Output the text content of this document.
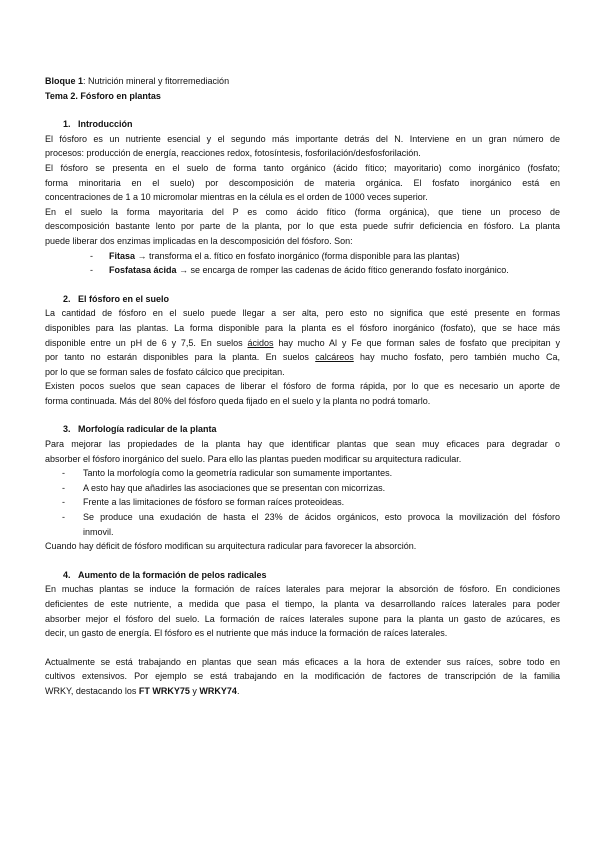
Bloque 1: Nutrición mineral y fitorremediación
Tema 2. Fósforo en plantas
1. Introducción
El fósforo es un nutriente esencial y el segundo más importante detrás del N. Interviene en un gran número de
procesos: producción de energía, reacciones redox, fotosíntesis, fosforilación/desfosforilación.
El fósforo se presenta en el suelo de forma tanto orgánico (ácido fítico; mayoritario) como inorgánico (fosfato;
forma minoritaria en el suelo) por descomposición de materia orgánica. El fosfato inorgánico está en
concentraciones de 1 a 10 micromolar mientras en la célula es el orden de 1000 veces superior.
En el suelo la forma mayoritaria del P es como ácido fítico (forma orgánica), que tiene un proceso de
descomposición bastante lento por parte de la planta, por lo que esta puede sufrir deficiencia en fósforo. La planta
puede liberar dos enzimas implicadas en la descomposición del fósforo. Son:
-	Fitasa → transforma el a. fítico en fosfato inorgánico (forma disponible para las plantas)
-	Fosfatasa ácida → se encarga de romper las cadenas de ácido fítico generando fosfato inorgánico.
2. El fósforo en el suelo
La cantidad de fósforo en el suelo puede llegar a ser alta, pero esto no significa que esté presente en formas
disponibles para las plantas. La forma disponible para la planta es el fósforo inorgánico (fosfato), que se hace más
disponible entre un pH de 6 y 7,5. En suelos ácidos hay mucho Al y Fe que forman sales de fosfato que precipitan y
por tanto no estarán disponibles para la planta. En suelos calcáreos hay mucho fosfato, pero también mucho Ca,
por lo que se forman sales de fosfato cálcico que precipitan.
Existen pocos suelos que sean capaces de liberar el fósforo de forma rápida, por lo que es necesario un aporte de
forma continuada. Más del 80% del fósforo queda fijado en el suelo y la planta no podrá tomarlo.
3. Morfología radicular de la planta
Para mejorar las propiedades de la planta hay que identificar plantas que sean muy eficaces para degradar o
absorber el fósforo inorgánico del suelo. Para ello las plantas pueden modificar su arquitectura radicular.
-	Tanto la morfología como la geometría radicular son sumamente importantes.
-	A esto hay que añadirles las asociaciones que se presentan con micorrizas.
-	Frente a las limitaciones de fósforo se forman raíces proteoideas.
-	Se produce una exudación de hasta el 23% de ácidos orgánicos, esto provoca la movilización del fósforo
inmovil.
Cuando hay déficit de fósforo modifican su arquitectura radicular para favorecer la absorción.
4. Aumento de la formación de pelos radicales
En muchas plantas se induce la formación de raíces laterales para mejorar la absorción de fósforo. En condiciones
deficientes de este nutriente, a medida que pasa el tiempo, la planta va desarrollando raíces laterales para poder
absorber mejor el fósforo del suelo. La formación de raíces laterales supone para la planta un gasto de azúcares, es
decir, un gasto de energía. El fósforo es el nutriente que más induce la formación de raíces laterales.
Actualmente se está trabajando en plantas que sean más eficaces a la hora de extender sus raíces, sobre todo en
cultivos extensivos. Por ejemplo se está trabajando en la modificación de factores de transcripción de la familia
WRKY, destacando los FT WRKY75 y WRKY74.
